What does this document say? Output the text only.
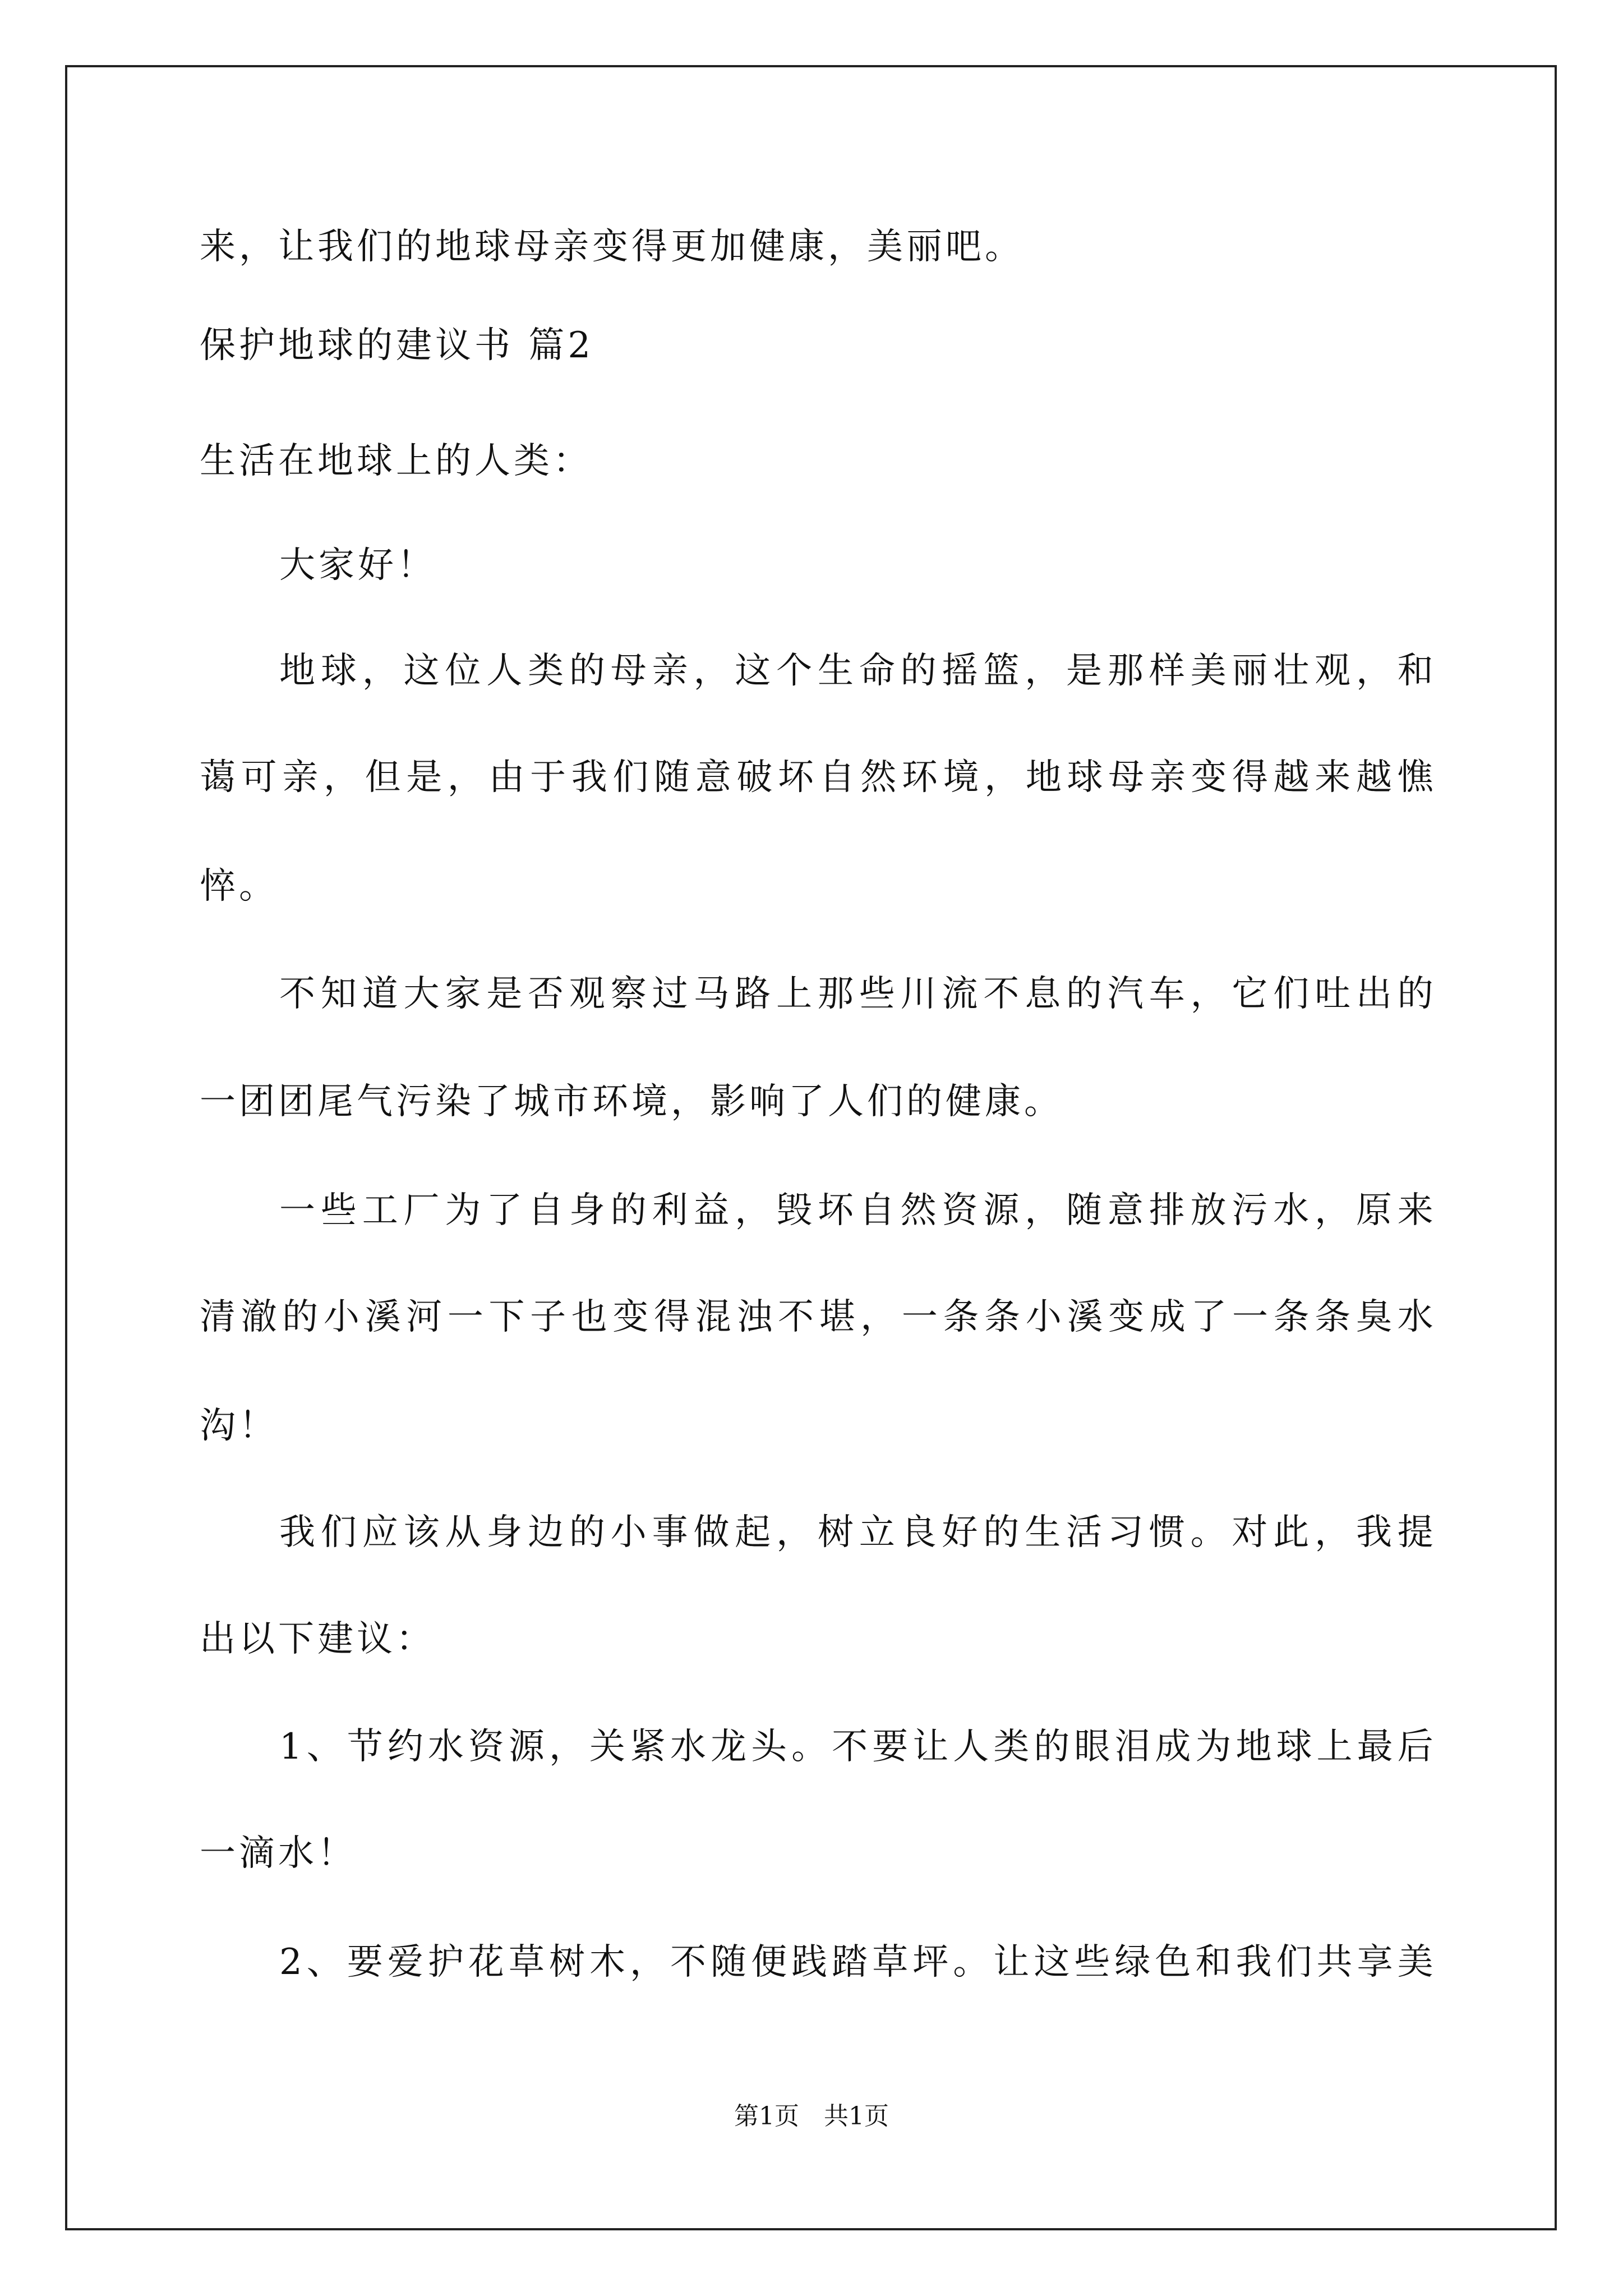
来，让我们的地球母亲变得更加健康，美丽吧。
保护地球的建议书 篇2
生活在地球上的人类：
大家好！
地 球 ， 这 位 人 类 的 母 亲 ， 这 个 生 命 的 摇 篮 ， 是 那 样 美 丽 壮 观 ， 和
蔼 可 亲 ， 但 是 ， 由 于 我 们 随 意 破 坏 自 然 环 境 ， 地 球 母 亲 变 得 越 来 越 憔
悴。
不 知 道 大 家 是 否 观 察 过 马 路 上 那 些 川 流 不 息 的 汽 车 ， 它 们 吐 出 的
一团团尾气污染了城市环境，影响了人们的健康。
一 些 工 厂 为 了 自 身 的 利 益 ， 毁 坏 自 然 资 源 ， 随 意 排 放 污 水 ， 原 来
清 澈 的 小 溪 河 一 下 子 也 变 得 混 浊 不 堪 ， 一 条 条 小 溪 变 成 了 一 条 条 臭 水
沟！
我 们 应 该 从 身 边 的 小 事 做 起 ， 树 立 良 好 的 生 活 习 惯 。 对 此 ， 我 提
出以下建议：
1 、 节 约 水 资 源 ， 关 紧 水 龙 头 。 不 要 让 人 类 的 眼 泪 成 为 地 球 上 最 后
一滴水！
2 、 要 爱 护 花 草 树 木 ， 不 随 便 践 踏 草 坪 。 让 这 些 绿 色 和 我 们 共 享 美
第1页　共1页
